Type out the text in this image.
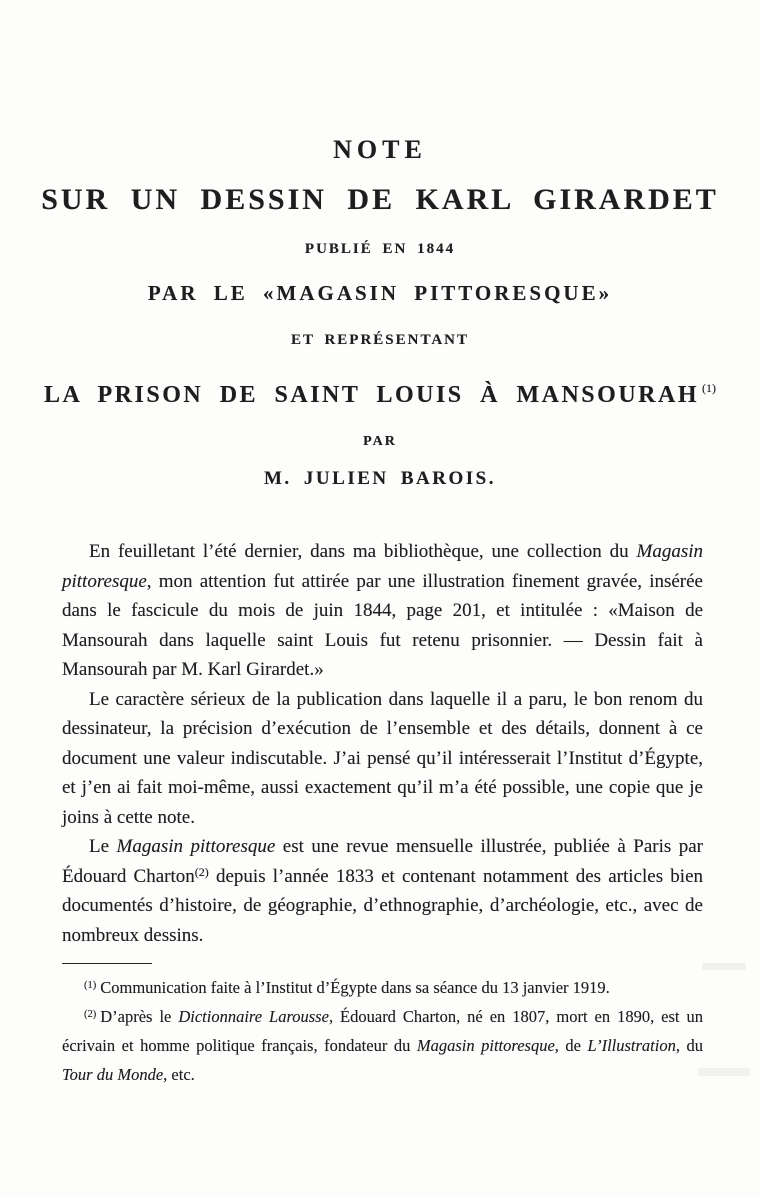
NOTE
SUR UN DESSIN DE KARL GIRARDET
PUBLIÉ EN 1844
PAR LE «MAGASIN PITTORESQUE»
ET REPRÉSENTANT
LA PRISON DE SAINT LOUIS À MANSOURAH $^{(1)}$
PAR
M. JULIEN BAROIS.

En feuilletant l’été dernier, dans ma bibliothèque, une collection du Magasin pittoresque, mon attention fut attirée par une illustration finement gravée, insérée dans le fascicule du mois de juin 1844, page 201, et intitulée : «Maison de Mansourah dans laquelle saint Louis fut retenu prisonnier. — Dessin fait à Mansourah par M. Karl Girardet.»

Le caractère sérieux de la publication dans laquelle il a paru, le bon renom du dessinateur, la précision d’exécution de l’ensemble et des détails, donnent à ce document une valeur indiscutable. J’ai pensé qu’il intéresserait l’Institut d’Égypte, et j’en ai fait moi-même, aussi exactement qu’il m’a été possible, une copie que je joins à cette note.

Le Magasin pittoresque est une revue mensuelle illustrée, publiée à Paris par Édouard Charton$^{(2)}$ depuis l’année 1833 et contenant notamment des articles bien documentés d’histoire, de géographie, d’ethnographie, d’archéologie, etc., avec de nombreux dessins.

$^{(1)}$ Communication faite à l’Institut d’Égypte dans sa séance du 13 janvier 1919.

$^{(2)}$ D’après le Dictionnaire Larousse, Édouard Charton, né en 1807, mort en 1890, est un écrivain et homme politique français, fondateur du Magasin pittoresque, de L’Illustration, du Tour du Monde, etc.
